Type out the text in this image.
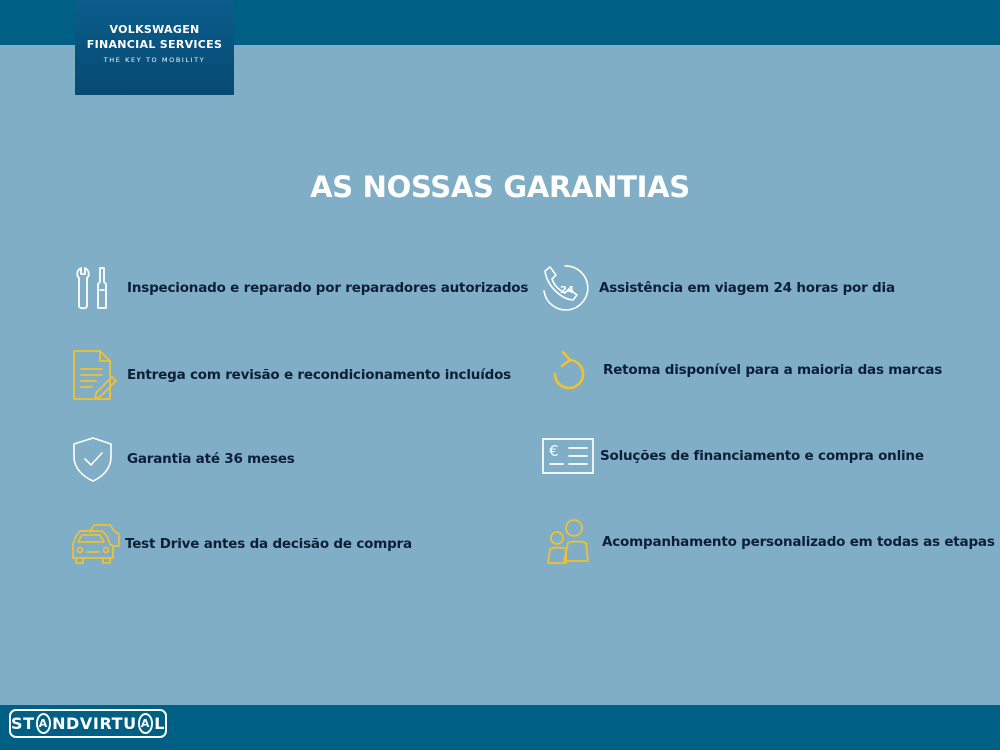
VOLKSWAGEN
FINANCIAL SERVICES
THE KEY TO MOBILITY
AS NOSSAS GARANTIAS
Inspecionado e reparado por reparadores autorizados
Entrega com revisão e recondicionamento incluídos
Garantia até 36 meses
Test Drive antes da decisão de compra
24 Assistência em viagem 24 horas por dia
Retoma disponível para a maioria das marcas
€	Soluções de financiamento e compra online
Acompanhamento personalizado em todas as etapas
ST A NDVIRTU A L
